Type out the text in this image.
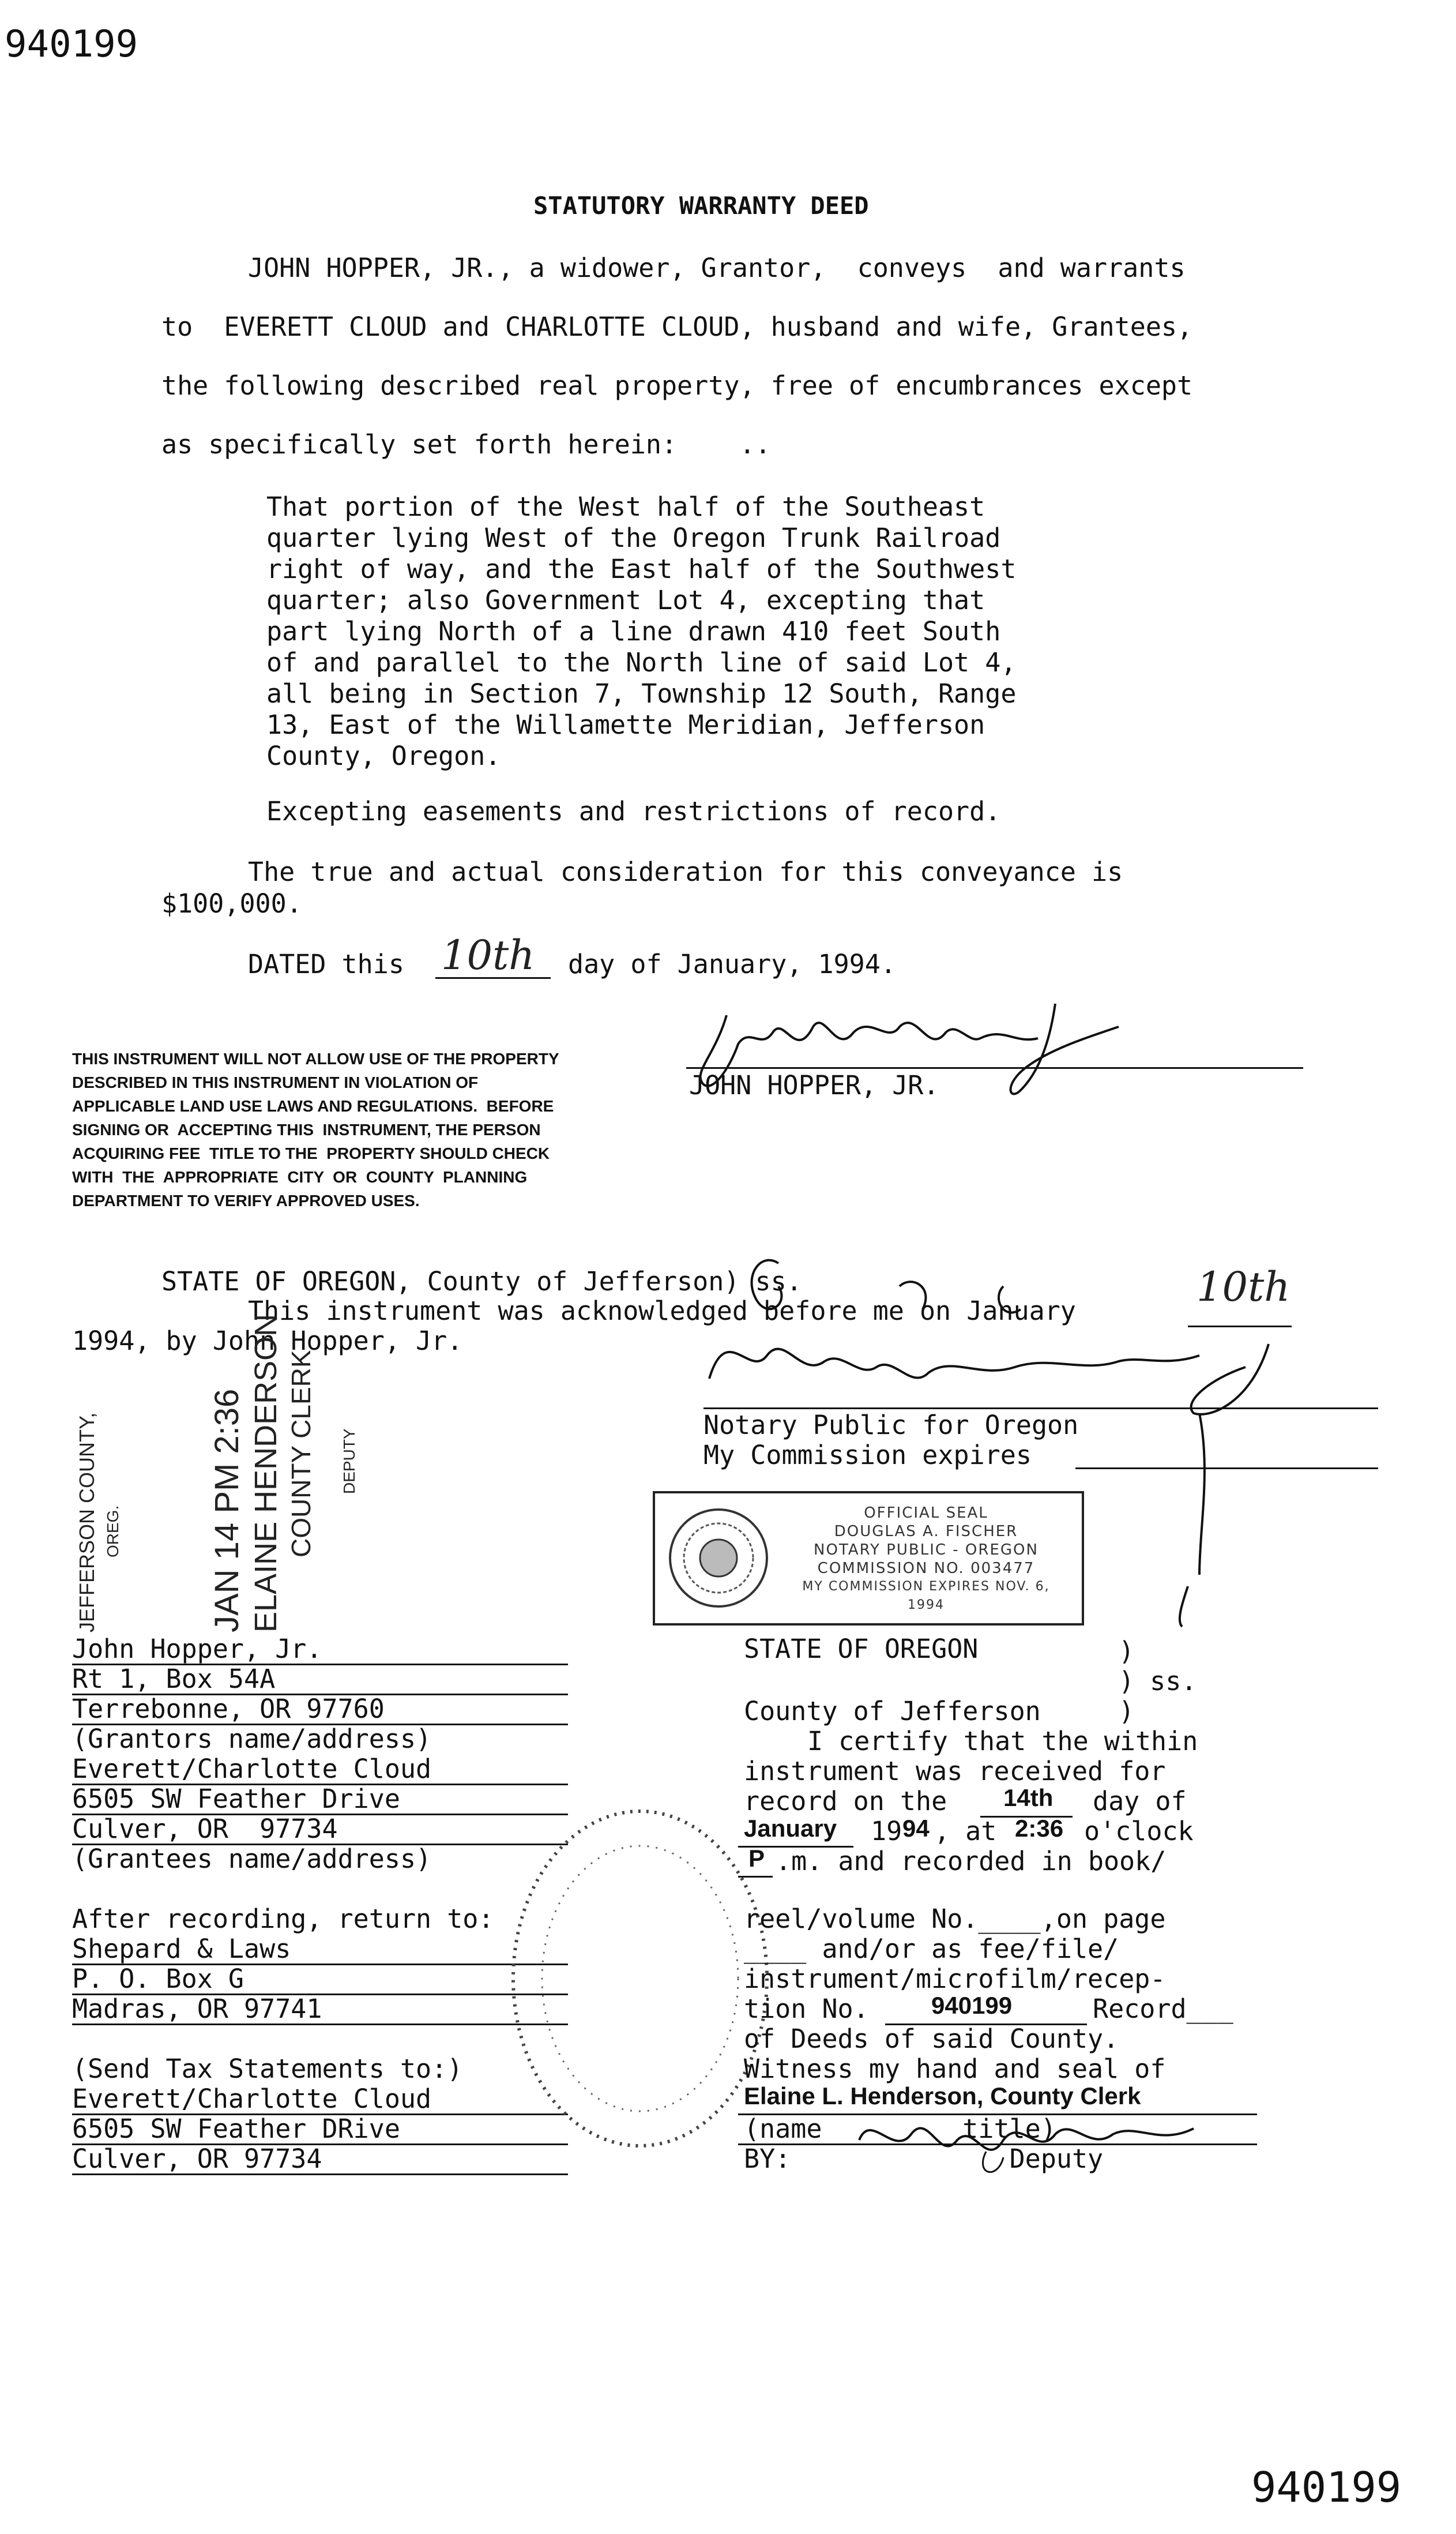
940199
STATUTORY WARRANTY DEED
JOHN HOPPER, JR., a widower, Grantor,  conveys  and warrants
to  EVERETT CLOUD and CHARLOTTE CLOUD, husband and wife, Grantees,
the following described real property, free of encumbrances except
as specifically set forth herein:    ..
That portion of the West half of the Southeast
quarter lying West of the Oregon Trunk Railroad
right of way, and the East half of the Southwest
quarter; also Government Lot 4, excepting that
part lying North of a line drawn 410 feet South
of and parallel to the North line of said Lot 4,
all being in Section 7, Township 12 South, Range
13, East of the Willamette Meridian, Jefferson
County, Oregon.
Excepting easements and restrictions of record.
The true and actual consideration for this conveyance is
$100,000.
DATED this 10th day of January, 1994.
THIS INSTRUMENT WILL NOT ALLOW USE OF THE PROPERTY
DESCRIBED IN THIS INSTRUMENT IN VIOLATION OF
APPLICABLE LAND USE LAWS AND REGULATIONS.  BEFORE
SIGNING OR  ACCEPTING THIS  INSTRUMENT, THE PERSON
ACQUIRING FEE  TITLE TO THE  PROPERTY SHOULD CHECK
WITH  THE  APPROPRIATE  CITY  OR  COUNTY  PLANNING
DEPARTMENT TO VERIFY APPROVED USES.
JOHN HOPPER, JR.
STATE OF OREGON, County of Jefferson) ss.
This instrument was acknowledged before me on January
10th
1994, by John Hopper, Jr.
Notary Public for Oregon
My Commission expires
OFFICIAL SEAL
DOUGLAS A. FISCHER
NOTARY PUBLIC - OREGON
COMMISSION NO. 003477
MY COMMISSION EXPIRES NOV. 6, 1994
JEFFERSON COUNTY, OREG.	JAN 14 PM 2:36 ELAINE HENDERSON COUNTY CLERK DEPUTY
John Hopper, Jr.
Rt 1, Box 54A
Terrebonne, OR 97760
(Grantors name/address)
Everett/Charlotte Cloud
6505 SW Feather Drive
Culver, OR  97734
(Grantees name/address)
After recording, return to:
Shepard & Laws
P. O. Box G
Madras, OR 97741
(Send Tax Statements to:)
Everett/Charlotte Cloud
6505 SW Feather DRive
Culver, OR 97734
STATE OF OREGON	)
) ss.
County of Jefferson	)
I certify that the within
instrument was received for
record on the 14th day of
January 19 94 , at 2:36 o'clock
P .m. and recorded in book/
reel/volume No.____,on page
____ and/or as fee/file/
instrument/microfilm/recep-
tion No.	940199	Record___
of Deeds of said County.
Witness my hand and seal of
Elaine L. Henderson, County Clerk
(name         title)
BY:              Deputy
940199
